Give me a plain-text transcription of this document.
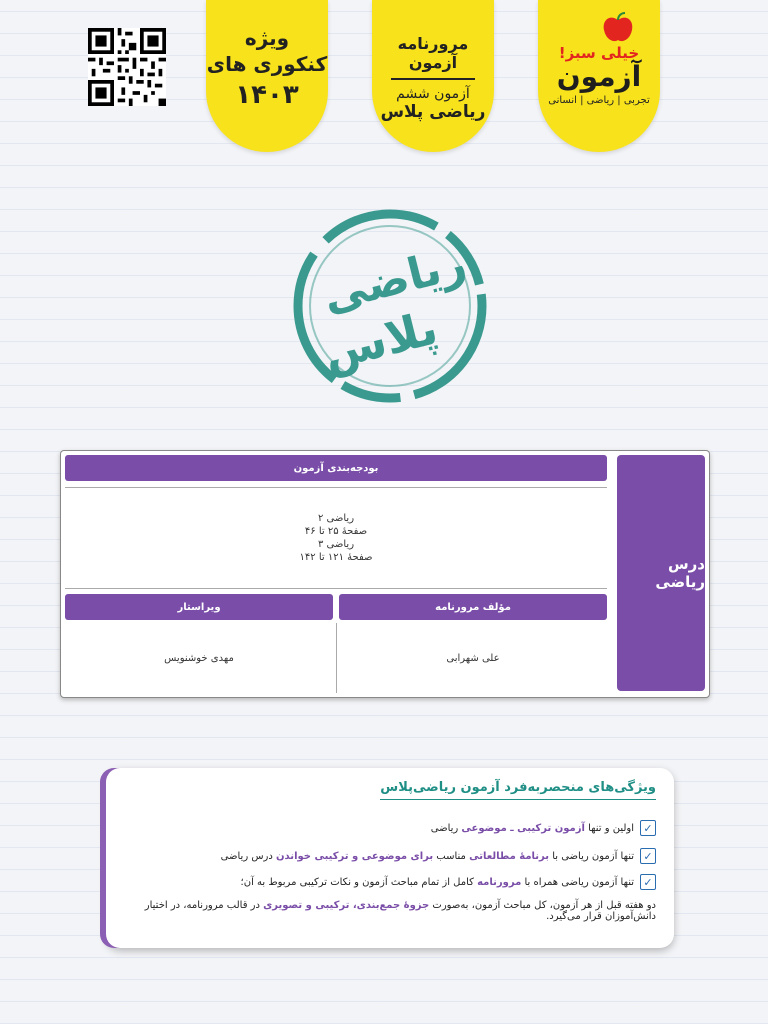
ویژه
کنکوری های
۱۴۰۳
مرورنامه
آزمون
آزمون ششم
ریاضی پلاس
خیلی سبز!
آزمون
تجربی | ریاضی | انسانی
ریاضی
پلاس
درس ریاضی
بودجه‌بندی آزمون
ریاضی ۲
صفحهٔ ۲۵ تا ۴۶
ریاضی ۳
صفحهٔ ۱۲۱ تا ۱۴۲
مؤلف مرورنامه
ویراستار
علی شهرابی
مهدی خوشنویس
ویژگی‌های منحصربه‌فرد آزمون ریاضی‌پلاس
✓
اولین و تنها آزمون ترکیبی ـ موضوعی ریاضی
✓
تنها آزمون ریاضی با برنامهٔ مطالعاتی مناسب برای موضوعی و ترکیبی خواندن درس ریاضی
✓
تنها آزمون ریاضی همراه با مرورنامه کامل از تمام مباحث آزمون و نکات ترکیبی مربوط به آن؛
دو هفته قبل از هر آزمون، کل مباحث آزمون، به‌صورت جزوهٔ جمع‌بندی، ترکیبی و تصویری در قالب مرورنامه، در اختیار دانش‌آموزان قرار می‌گیرد.
